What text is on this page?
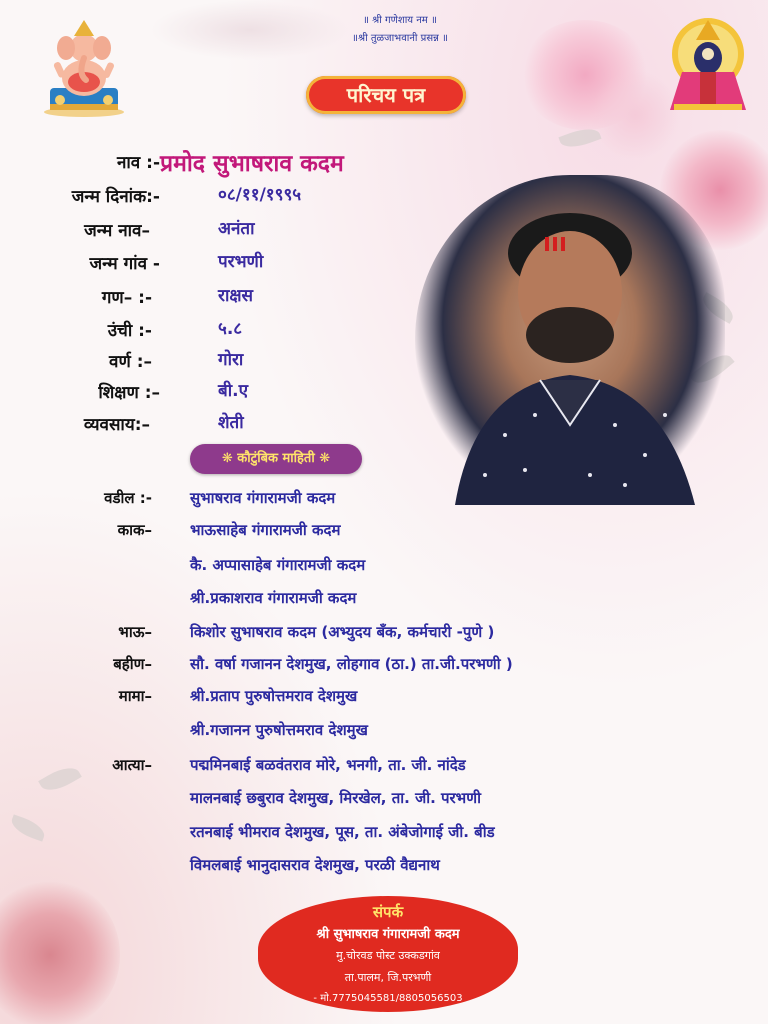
॥ श्री गणेशाय नम ॥
॥श्री तुळजाभवानी प्रसन्न ॥
परिचय पत्र
नाव :- प्रमोद सुभाषराव कदम
जन्म दिनांक:-	०८/११/१९९५
जन्म नाव–	अनंता
जन्म गांव -	परभणी
गण– :-	राक्षस
उंची :-	५.८
वर्ण :–	गोरा
शिक्षण :–	बी.ए
व्यवसाय:–	शेती
❋ कौटुंबिक माहिती ❋
वडील :-	सुभाषराव गंगारामजी कदम
काक–	भाऊसाहेब गंगारामजी कदम
कै. अप्पासाहेब गंगारामजी कदम
श्री.प्रकाशराव गंगारामजी कदम
भाऊ–	किशोर सुभाषराव कदम (अभ्युदय बँक, कर्मचारी -पुणे )
बहीण–	सौ. वर्षा गजानन देशमुख, लोहगाव (ठा.) ता.जी.परभणी )
मामा–	श्री.प्रताप पुरुषोत्तमराव देशमुख
श्री.गजानन पुरुषोत्तमराव देशमुख
आत्या–	पद्ममिनबाई बळवंतराव मोरे, भनगी, ता. जी. नांदेड
मालनबाई छबुराव देशमुख, मिरखेल, ता. जी. परभणी
रतनबाई भीमराव देशमुख, पूस, ता. अंबेजोगाई जी. बीड
विमलबाई भानुदासराव देशमुख, परळी वैद्यनाथ
संपर्क
श्री सुभाषराव गंगारामजी कदम
मु.चोरवड पोस्ट उक्कडगांव
ता.पालम, जि.परभणी
- मो.7775045581/8805056503
